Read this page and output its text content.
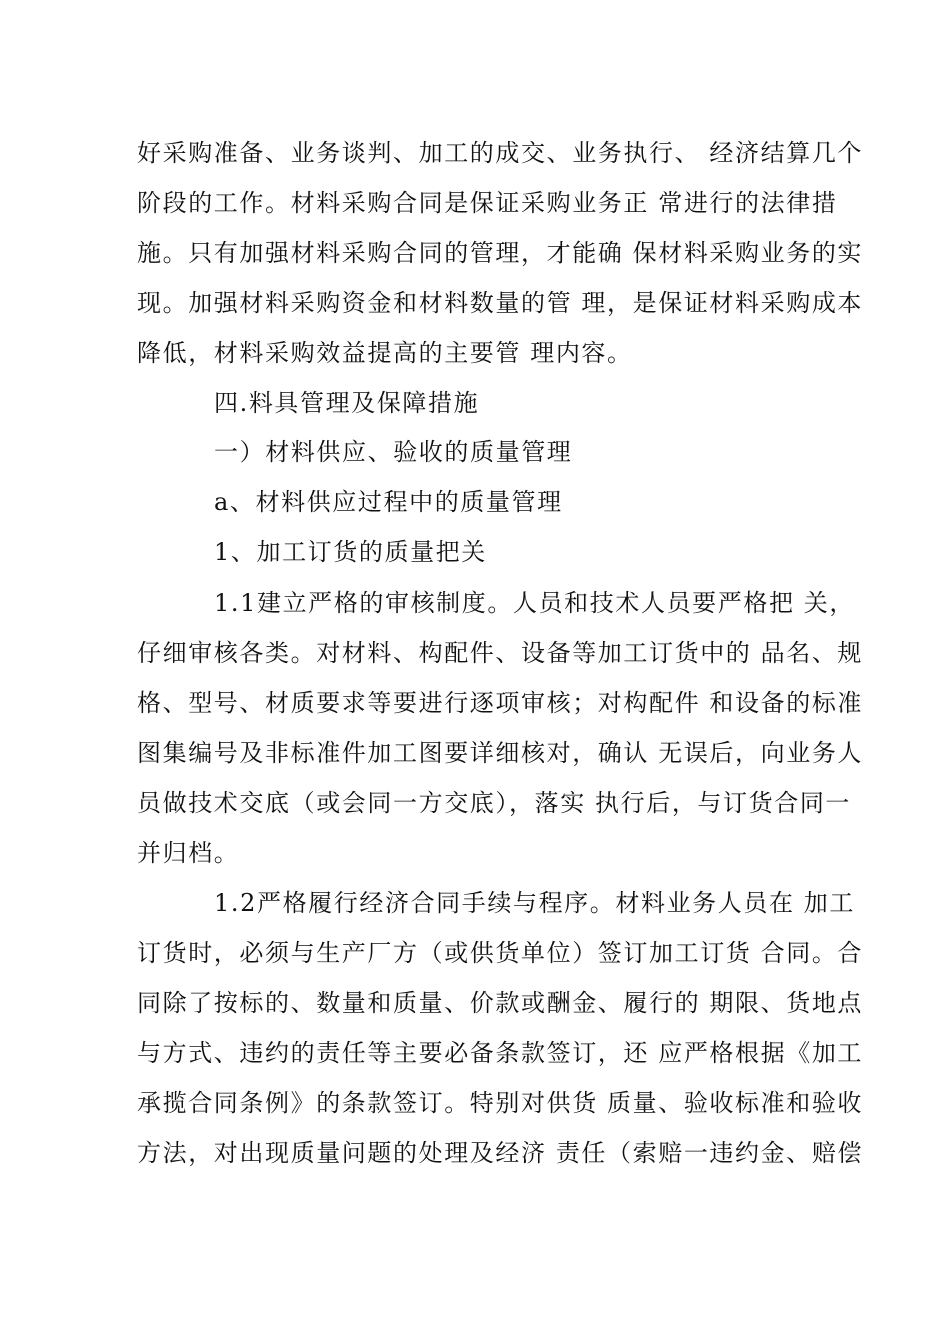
好采购准备、业务谈判、加工的成交、业务执行、 经济结算几个
阶段的工作。材料采购合同是保证采购业务正 常进行的法律措
施。只有加强材料采购合同的管理，才能确 保材料采购业务的实
现。加强材料采购资金和材料数量的管 理，是保证材料采购成本
降低，材料采购效益提高的主要管 理内容。
四.料具管理及保障措施
一）材料供应、验收的质量管理
a、材料供应过程中的质量管理
1、加工订货的质量把关
1.1建立严格的审核制度。人员和技术人员要严格把 关，
仔细审核各类。对材料、构配件、设备等加工订货中的 品名、规
格、型号、材质要求等要进行逐项审核；对构配件 和设备的标准
图集编号及非标准件加工图要详细核对，确认 无误后，向业务人
员做技术交底（或会同一方交底），落实 执行后，与订货合同一
并归档。
1.2严格履行经济合同手续与程序。材料业务人员在 加工
订货时，必须与生产厂方（或供货单位）签订加工订货 合同。合
同除了按标的、数量和质量、价款或酬金、履行的 期限、货地点
与方式、违约的责任等主要必备条款签订，还 应严格根据《加工
承揽合同条例》的条款签订。特别对供货 质量、验收标准和验收
方法，对出现质量问题的处理及经济 责任（索赔一违约金、赔偿
